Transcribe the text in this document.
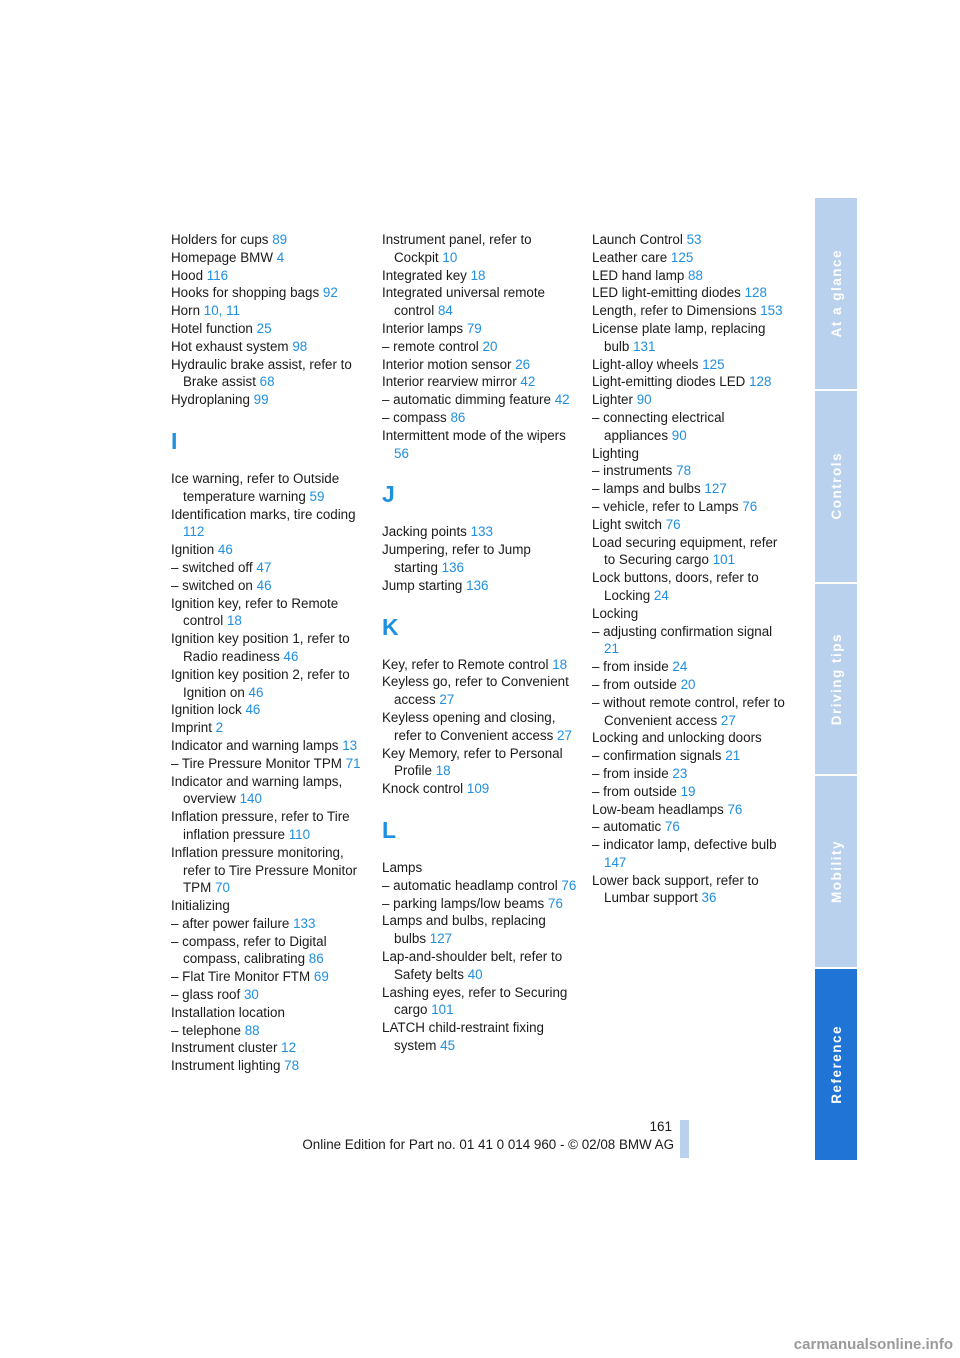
Holders for cups 89

Homepage BMW 4

Hood 116

Hooks for shopping bags 92

Horn 10, 11

Hotel function 25

Hot exhaust system 98

Hydraulic brake assist, refer to Brake assist 68

Hydroplaning 99

I

Ice warning, refer to Outside temperature warning 59

Identification marks, tire coding 112

Ignition 46

– switched off 47

– switched on 46

Ignition key, refer to Remote control 18

Ignition key position 1, refer to Radio readiness 46

Ignition key position 2, refer to Ignition on 46

Ignition lock 46

Imprint 2

Indicator and warning lamps 13

– Tire Pressure Monitor TPM 71

Indicator and warning lamps, overview 140

Inflation pressure, refer to Tire inflation pressure 110

Inflation pressure monitoring, refer to Tire Pressure Monitor TPM 70

Initializing

– after power failure 133

– compass, refer to Digital compass, calibrating 86

– Flat Tire Monitor FTM 69

– glass roof 30

Installation location

– telephone 88

Instrument cluster 12

Instrument lighting 78

Instrument panel, refer to Cockpit 10

Integrated key 18

Integrated universal remote control 84

Interior lamps 79

– remote control 20

Interior motion sensor 26

Interior rearview mirror 42

– automatic dimming feature 42

– compass 86

Intermittent mode of the wipers 56

J

Jacking points 133

Jumpering, refer to Jump starting 136

Jump starting 136

K

Key, refer to Remote control 18

Keyless go, refer to Convenient access 27

Keyless opening and closing, refer to Convenient access 27

Key Memory, refer to Personal Profile 18

Knock control 109

L

Lamps

– automatic headlamp control 76

– parking lamps/low beams 76

Lamps and bulbs, replacing bulbs 127

Lap-and-shoulder belt, refer to Safety belts 40

Lashing eyes, refer to Securing cargo 101

LATCH child-restraint fixing system 45

Launch Control 53

Leather care 125

LED hand lamp 88

LED light-emitting diodes 128

Length, refer to Dimensions 153

License plate lamp, replacing bulb 131

Light-alloy wheels 125

Light-emitting diodes LED 128

Lighter 90

– connecting electrical appliances 90

Lighting

– instruments 78

– lamps and bulbs 127

– vehicle, refer to Lamps 76

Light switch 76

Load securing equipment, refer to Securing cargo 101

Lock buttons, doors, refer to Locking 24

Locking

– adjusting confirmation signal 21

– from inside 24

– from outside 20

– without remote control, refer to Convenient access 27

Locking and unlocking doors

– confirmation signals 21

– from inside 23

– from outside 19

Low-beam headlamps 76

– automatic 76

– indicator lamp, defective bulb 147

Lower back support, refer to Lumbar support 36

At a glance
Controls
Driving tips
Mobility
Reference
161
Online Edition for Part no. 01 41 0 014 960 - © 02/08 BMW AG
carmanualsonline.info
